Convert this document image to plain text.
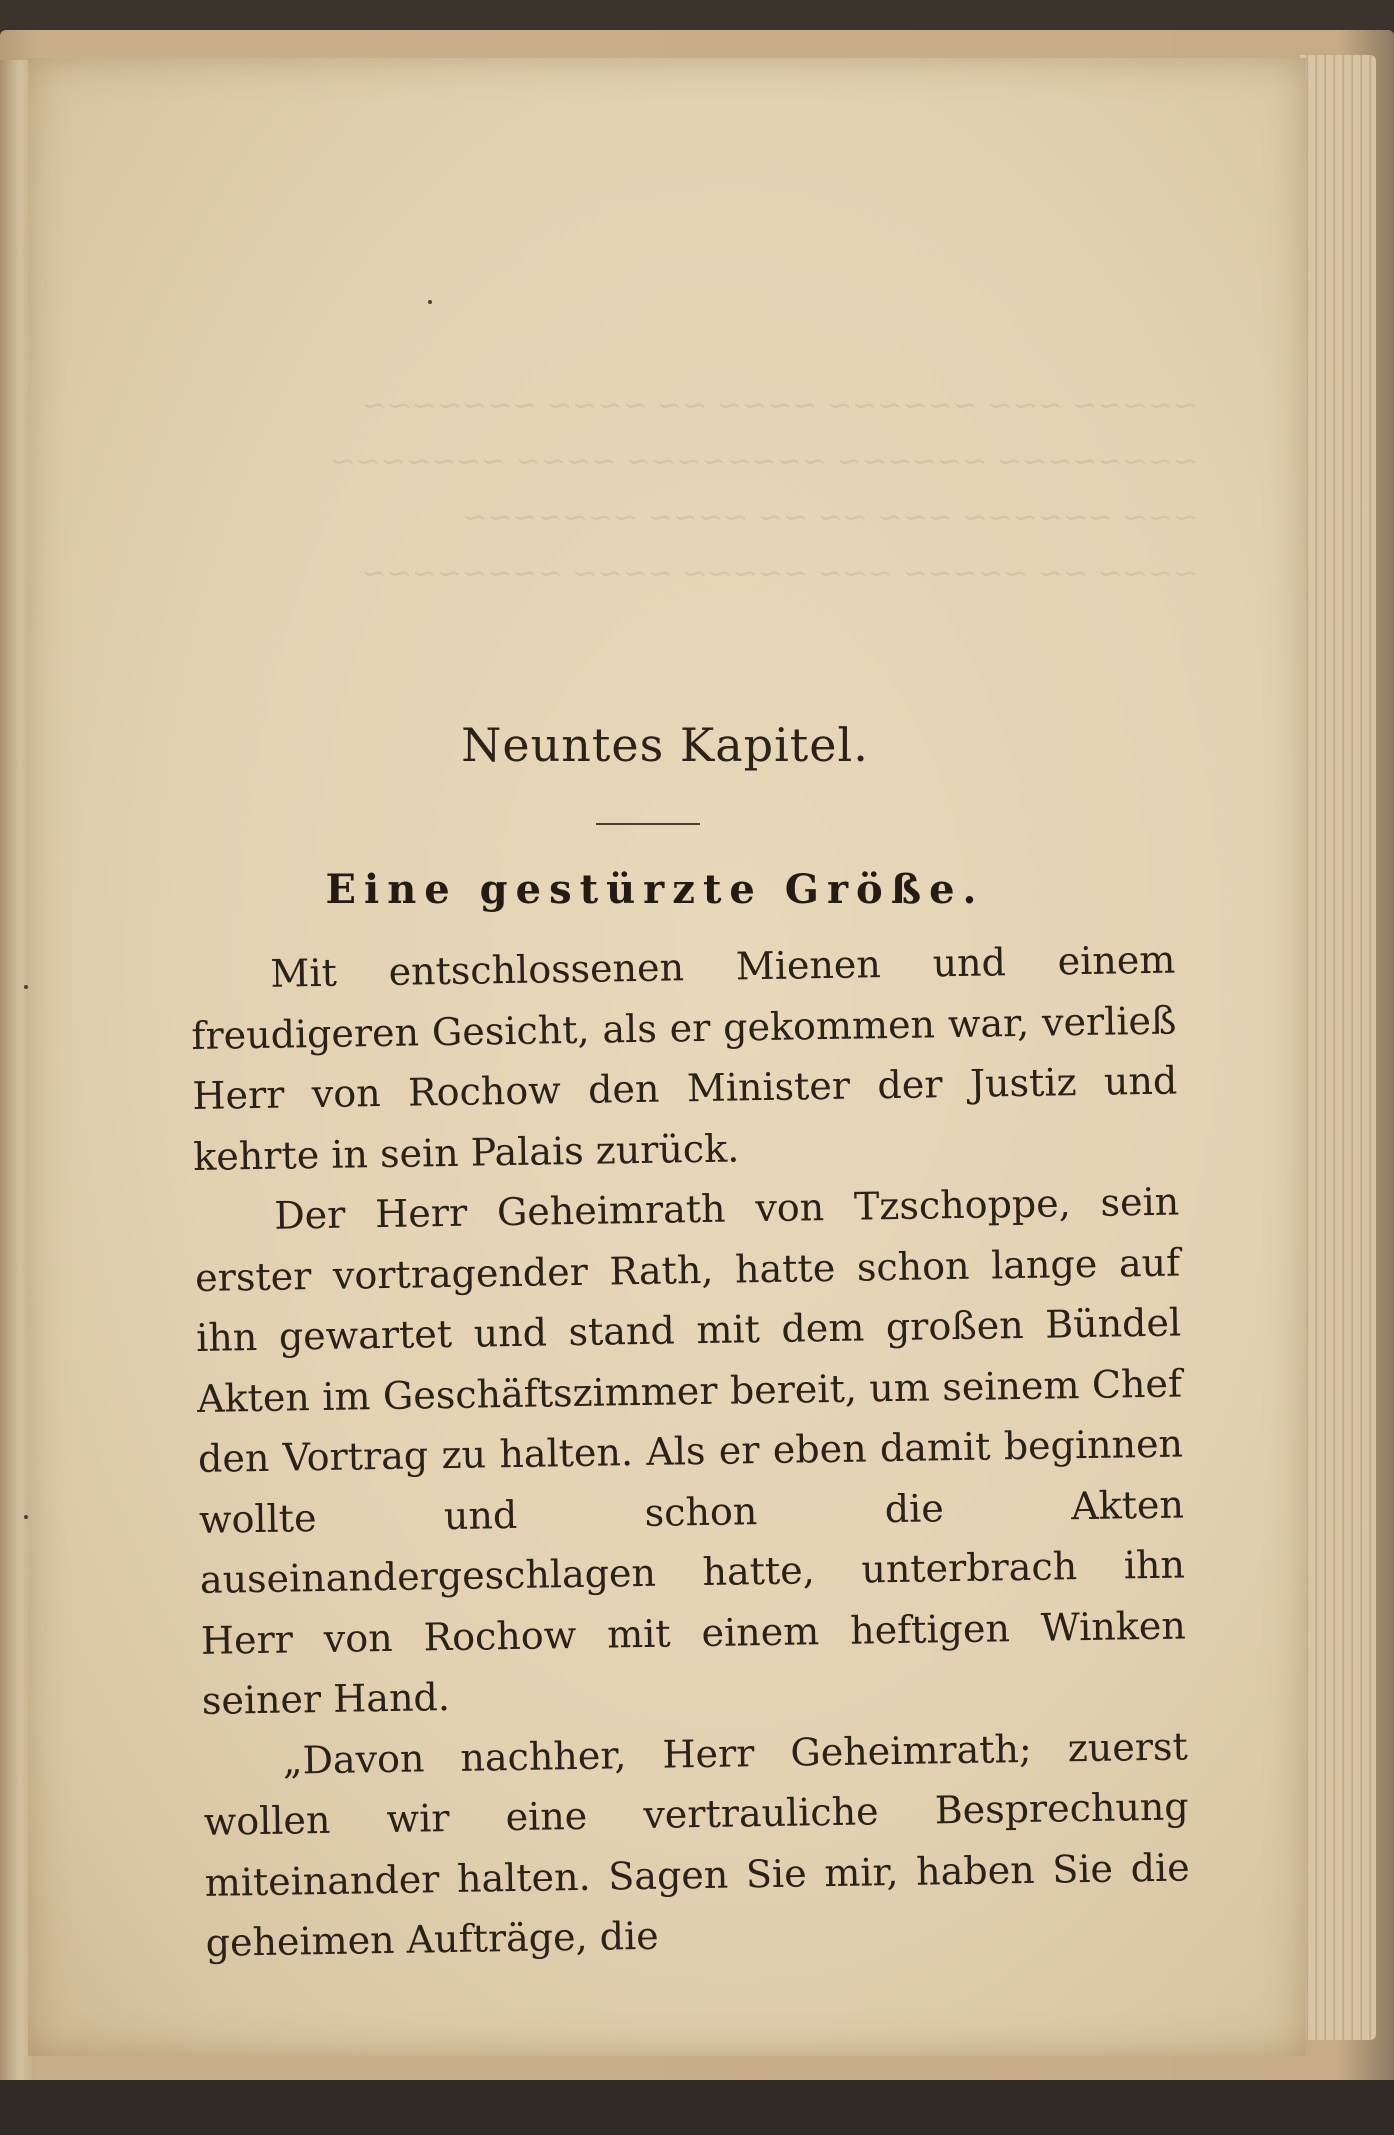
~~~~~ ~~~ ~~~~~~ ~~~~ ~~ ~~~~ ~~~~~~~
~~~~~~~~ ~~~~~~ ~~~~~~~~ ~~~~ ~~~~~~~
~~~ ~~~~~~ ~~~ ~~ ~~ ~~~~ ~~~~~~~
~~~~ ~~ ~~~~~ ~~~ ~~~~~ ~~~~ ~~~~~~~~
Neuntes Kapitel.
Eine gestürzte Größe.

Mit entschlossenen Mienen und einem freudigeren Gesicht, als er gekommen war, verließ Herr von Rochow den Minister der Justiz und kehrte in sein Palais zurück.

Der Herr Geheimrath von Tzschoppe, sein erster vortragender Rath, hatte schon lange auf ihn gewartet und stand mit dem großen Bündel Akten im Geschäftszimmer bereit, um seinem Chef den Vortrag zu halten. Als er eben damit beginnen wollte und schon die Akten auseinandergeschlagen hatte, unterbrach ihn Herr von Rochow mit einem heftigen Winken seiner Hand.

„Davon nachher, Herr Geheimrath; zuerst wollen wir eine vertrauliche Besprechung miteinander halten. Sagen Sie mir, haben Sie die geheimen Aufträge, die
